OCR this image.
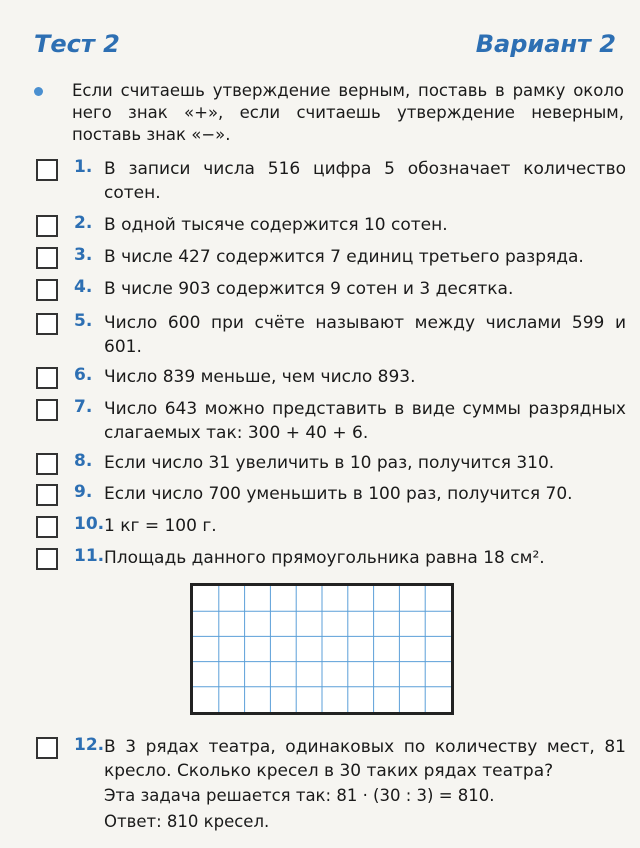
Тест 2	Вариант 2
Если считаешь утверждение верным, поставь в рамку около него знак «+», если считаешь утверждение неверным, поставь знак «−».
1. В записи числа 516 цифра 5 обозначает количество сотен.
2. В одной тысяче содержится 10 сотен.
3. В числе 427 содержится 7 единиц третьего разряда.
4. В числе 903 содержится 9 сотен и 3 десятка.
5. Число 600 при счёте называют между числами 599 и 601.
6. Число 839 меньше, чем число 893.
7. Число 643 можно представить в виде суммы разрядных слагаемых так: 300 + 40 + 6.
8. Если число 31 увеличить в 10 раз, получится 310.
9. Если число 700 уменьшить в 100 раз, получится 70.
10. 1 кг = 100 г.
11. Площадь данного прямоугольника равна 18 см².
12. В 3 рядах театра, одинаковых по количеству мест, 81 кресло. Сколько кресел в 30 таких рядах театра?
Эта задача решается так: 81 · (30 : 3) = 810.
Ответ: 810 кресел.
